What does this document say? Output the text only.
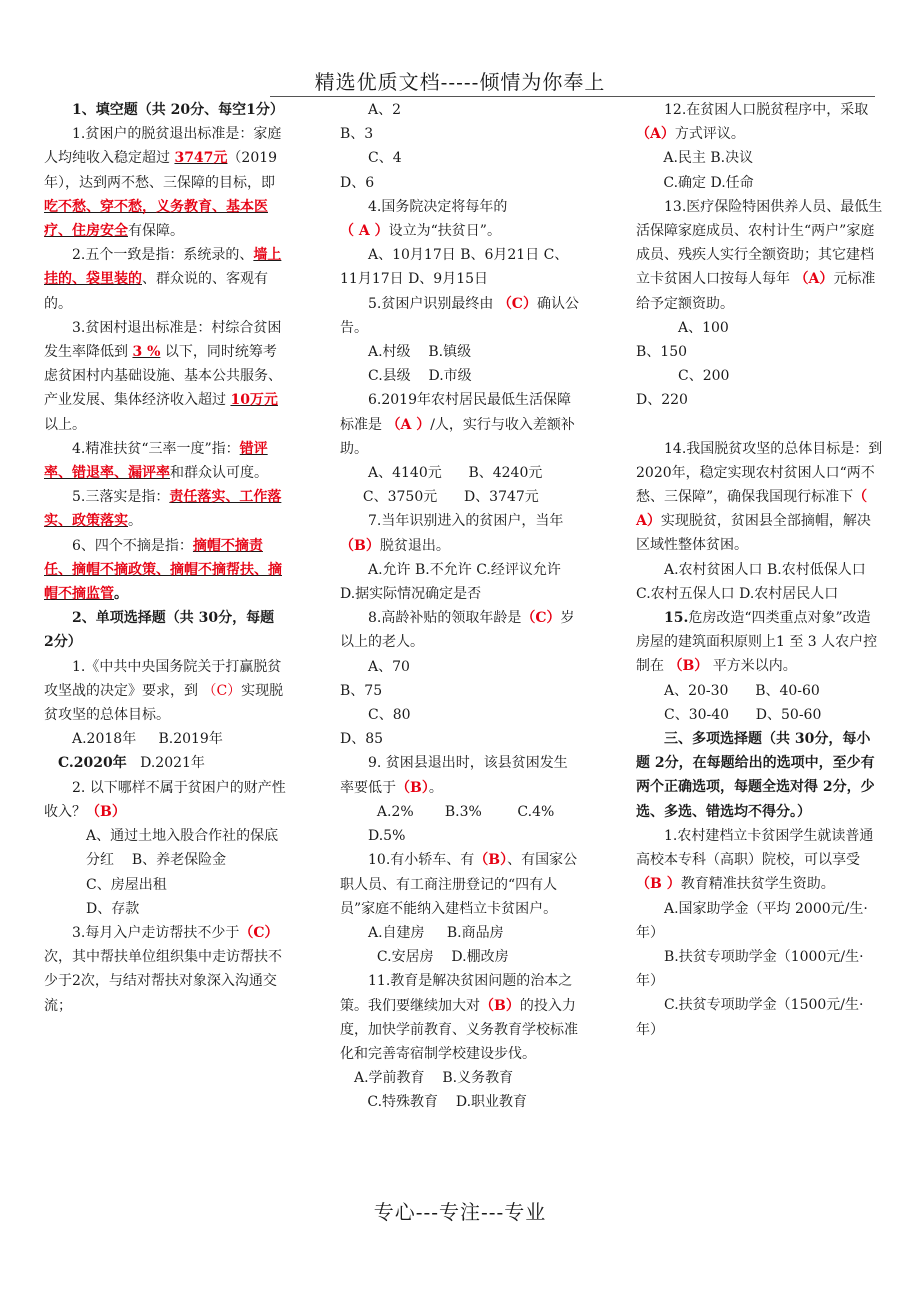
精选优质文档-----倾情为你奉上

1、填空题（共 20分、每空1分）

1.贫困户的脱贫退出标准是：家庭人均纯收入稳定超过 3747元（2019年），达到两不愁、三保障的目标，即 吃不愁、穿不愁，义务教育、基本医疗、住房安全有保障。

2.五个一致是指：系统录的、墙上挂的、袋里装的、群众说的、客观有的。

3.贫困村退出标准是：村综合贫困发生率降低到 3 % 以下，同时统筹考虑贫困村内基础设施、基本公共服务、产业发展、集体经济收入超过 10万元 以上。

4.精准扶贫“三率一度”指：错评率、错退率、漏评率和群众认可度。

5.三落实是指：责任落实、工作落实、政策落实。

6、四个不摘是指：摘帽不摘责任、摘帽不摘政策、摘帽不摘帮扶、摘帽不摘监管。

2、单项选择题（共 30分，每题 2分）

1.《中共中央国务院关于打赢脱贫攻坚战的决定》要求，到 （C）实现脱贫攻坚的总体目标。

A.2018年 B.2019年

C.2020年 D.2021年

2. 以下哪样不属于贫困户的财产性收入？（B）

A、通过土地入股合作社的保底分红 B、养老保险金

C、房屋出租

D、存款

3.每月入户走访帮扶不少于（C）次，其中帮扶单位组织集中走访帮扶不少于2次，与结对帮扶对象深入沟通交流；

A、2

B、3

C、4

D、6

4.国务院决定将每年的

（ A ）设立为“扶贫日”。

A、10月17日 B、6月21日 C、11月17日 D、9月15日

5.贫困户识别最终由 （C）确认公告。

A.村级 B.镇级

C.县级 D.市级

6.2019年农村居民最低生活保障标准是 （A ）/人，实行与收入差额补助。

A、4140元 B、4240元

C、3750元 D、3747元

7.当年识别进入的贫困户，当年（B）脱贫退出。

A.允许 B.不允许 C.经评议允许 D.据实际情况确定是否

8.高龄补贴的领取年龄是（C）岁以上的老人。

A、70

B、75

C、80

D、85

9. 贫困县退出时，该县贫困发生率要低于（B）。

A.2% B.3%	C.4%

D.5%

10.有小轿车、有（B）、有国家公职人员、有工商注册登记的“四有人员”家庭不能纳入建档立卡贫困户。

A.自建房 B.商品房

C.安居房 D.棚改房

11.教育是解决贫困问题的治本之策。我们要继续加大对（B）的投入力度，加快学前教育、义务教育学校标准化和完善寄宿制学校建设步伐。

A.学前教育 B.义务教育

C.特殊教育 D.职业教育

12.在贫困人口脱贫程序中，采取（A）方式评议。

A.民主 B.决议

C.确定 D.任命

13.医疗保险特困供养人员、最低生活保障家庭成员、农村计生“两户”家庭成员、残疾人实行全额资助；其它建档立卡贫困人口按每人每年 （A）元标准给予定额资助。

A、100

B、150

C、200

D、220

14.我国脱贫攻坚的总体目标是：到2020年，稳定实现农村贫困人口“两不愁、三保障”，确保我国现行标准下（ A）实现脱贫，贫困县全部摘帽，解决区域性整体贫困。

A.农村贫困人口 B.农村低保人口 C.农村五保人口 D.农村居民人口

15.危房改造“四类重点对象”改造房屋的建筑面积原则上1 至 3 人农户控制在 （B） 平方米以内。

A、20-30 B、40-60

C、30-40 D、50-60

三、多项选择题（共 30分，每小题 2分，在每题给出的选项中，至少有两个正确选项，每题全选对得 2分，少选、多选、错选均不得分。）

1.农村建档立卡贫困学生就读普通高校本专科（高职）院校，可以享受（B ）教育精准扶贫学生资助。

A.国家助学金（平均 2000元/生·年）

B.扶贫专项助学金（1000元/生·年）

C.扶贫专项助学金（1500元/生·年）

专心---专注---专业
